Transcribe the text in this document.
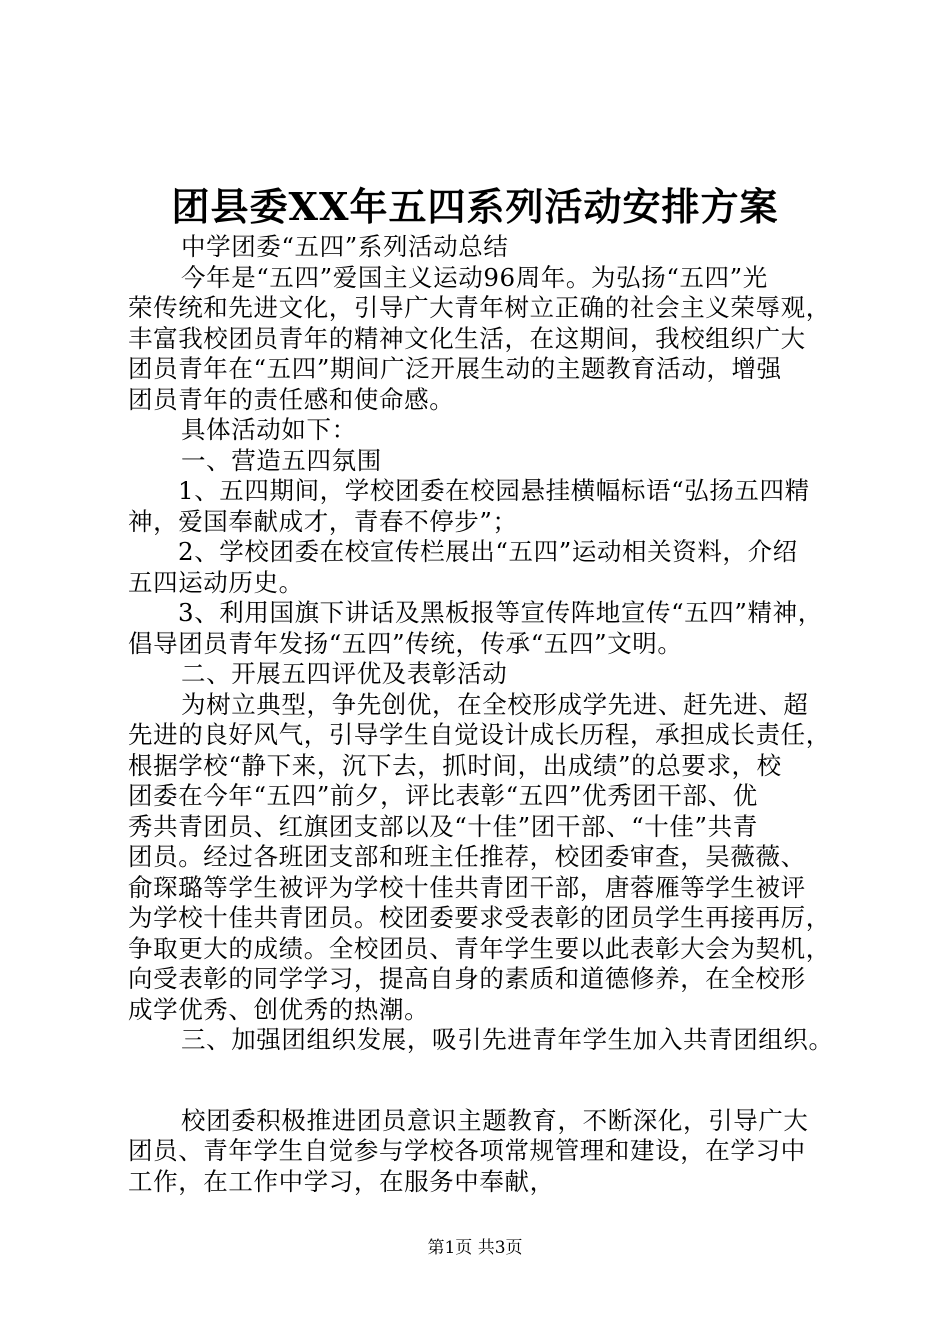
团县委XX年五四系列活动安排方案
中学团委“五四”系列活动总结
今年是“五四”爱国主义运动96周年。为弘扬“五四”光
荣传统和先进文化，引导广大青年树立正确的社会主义荣辱观，
丰富我校团员青年的精神文化生活，在这期间，我校组织广大
团员青年在“五四”期间广泛开展生动的主题教育活动，增强
团员青年的责任感和使命感。
具体活动如下：
一、营造五四氛围
1、五四期间，学校团委在校园悬挂横幅标语“弘扬五四精
神，爱国奉献成才，青春不停步”；
2、学校团委在校宣传栏展出“五四”运动相关资料，介绍
五四运动历史。
3、利用国旗下讲话及黑板报等宣传阵地宣传“五四”精神，
倡导团员青年发扬“五四”传统，传承“五四”文明。
二、开展五四评优及表彰活动
为树立典型，争先创优，在全校形成学先进、赶先进、超
先进的良好风气，引导学生自觉设计成长历程，承担成长责任，
根据学校“静下来，沉下去，抓时间，出成绩”的总要求，校
团委在今年“五四”前夕，评比表彰“五四”优秀团干部、优
秀共青团员、红旗团支部以及“十佳”团干部、“十佳”共青
团员。经过各班团支部和班主任推荐，校团委审查，吴薇薇、
俞琛璐等学生被评为学校十佳共青团干部，唐蓉雁等学生被评
为学校十佳共青团员。校团委要求受表彰的团员学生再接再厉，
争取更大的成绩。全校团员、青年学生要以此表彰大会为契机，
向受表彰的同学学习，提高自身的素质和道德修养，在全校形
成学优秀、创优秀的热潮。
三、加强团组织发展，吸引先进青年学生加入共青团组织。
校团委积极推进团员意识主题教育，不断深化，引导广大
团员、青年学生自觉参与学校各项常规管理和建设，在学习中
工作，在工作中学习，在服务中奉献，
第1页 共3页
